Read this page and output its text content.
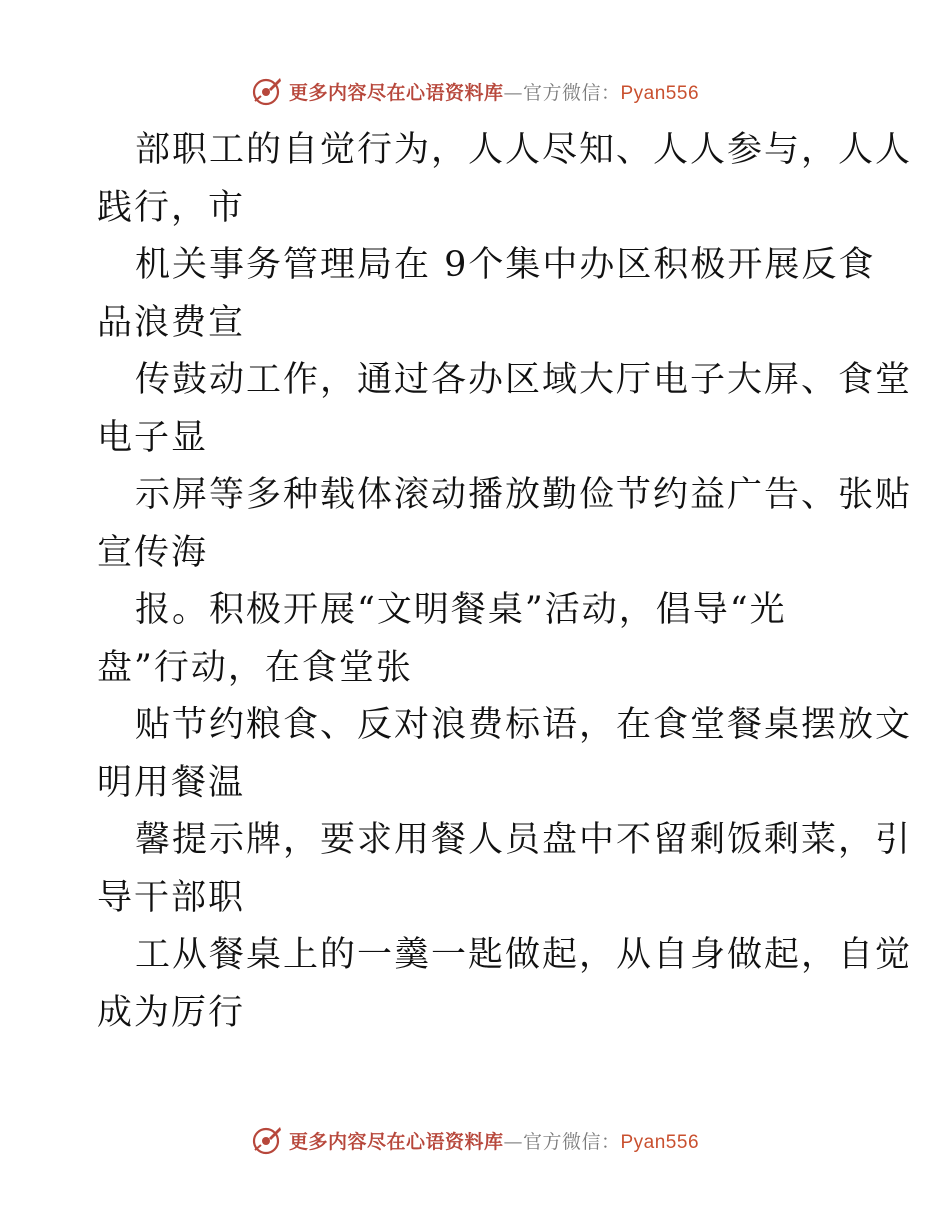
更多内容尽在心语资料库—官方微信：Pyan556

部职工的自觉行为，人人尽知、人人参与，人人
践行，市

机关事务管理局在 9个集中办区积极开展反食
品浪费宣

传鼓动工作，通过各办区域大厅电子大屏、食堂
电子显

示屏等多种载体滚动播放勤俭节约益广告、张贴
宣传海

报。积极开展“文明餐桌”活动，倡导“光
盘”行动，在食堂张

贴节约粮食、反对浪费标语，在食堂餐桌摆放文
明用餐温

馨提示牌，要求用餐人员盘中不留剩饭剩菜，引
导干部职

工从餐桌上的一羹一匙做起，从自身做起，自觉
成为厉行

更多内容尽在心语资料库—官方微信：Pyan556
